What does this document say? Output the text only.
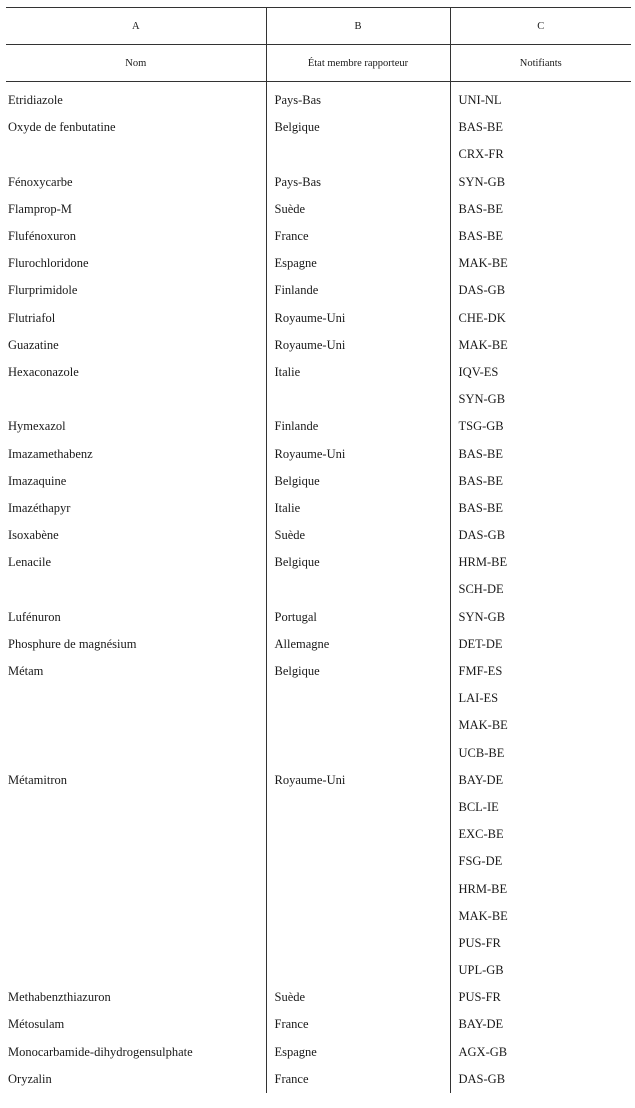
A	B	C
Nom	État membre rapporteur	Notifiants

Etridiazole	Pays-Bas	UNI-NL
Oxyde de fenbutatine	Belgique	BAS-BE
		CRX-FR
Fénoxycarbe	Pays-Bas	SYN-GB
Flamprop-M	Suède	BAS-BE
Flufénoxuron	France	BAS-BE
Flurochloridone	Espagne	MAK-BE
Flurprimidole	Finlande	DAS-GB
Flutriafol	Royaume-Uni	CHE-DK
Guazatine	Royaume-Uni	MAK-BE
Hexaconazole	Italie	IQV-ES
		SYN-GB
Hymexazol	Finlande	TSG-GB
Imazamethabenz	Royaume-Uni	BAS-BE
Imazaquine	Belgique	BAS-BE
Imazéthapyr	Italie	BAS-BE
Isoxabène	Suède	DAS-GB
Lenacile	Belgique	HRM-BE
		SCH-DE
Lufénuron	Portugal	SYN-GB
Phosphure de magnésium	Allemagne	DET-DE
Métam	Belgique	FMF-ES
		LAI-ES
		MAK-BE
		UCB-BE
Métamitron	Royaume-Uni	BAY-DE
		BCL-IE
		EXC-BE
		FSG-DE
		HRM-BE
		MAK-BE
		PUS-FR
		UPL-GB
Methabenzthiazuron	Suède	PUS-FR
Métosulam	France	BAY-DE
Monocarbamide-dihydrogensulphate	Espagne	AGX-GB
Oryzalin	France	DAS-GB
